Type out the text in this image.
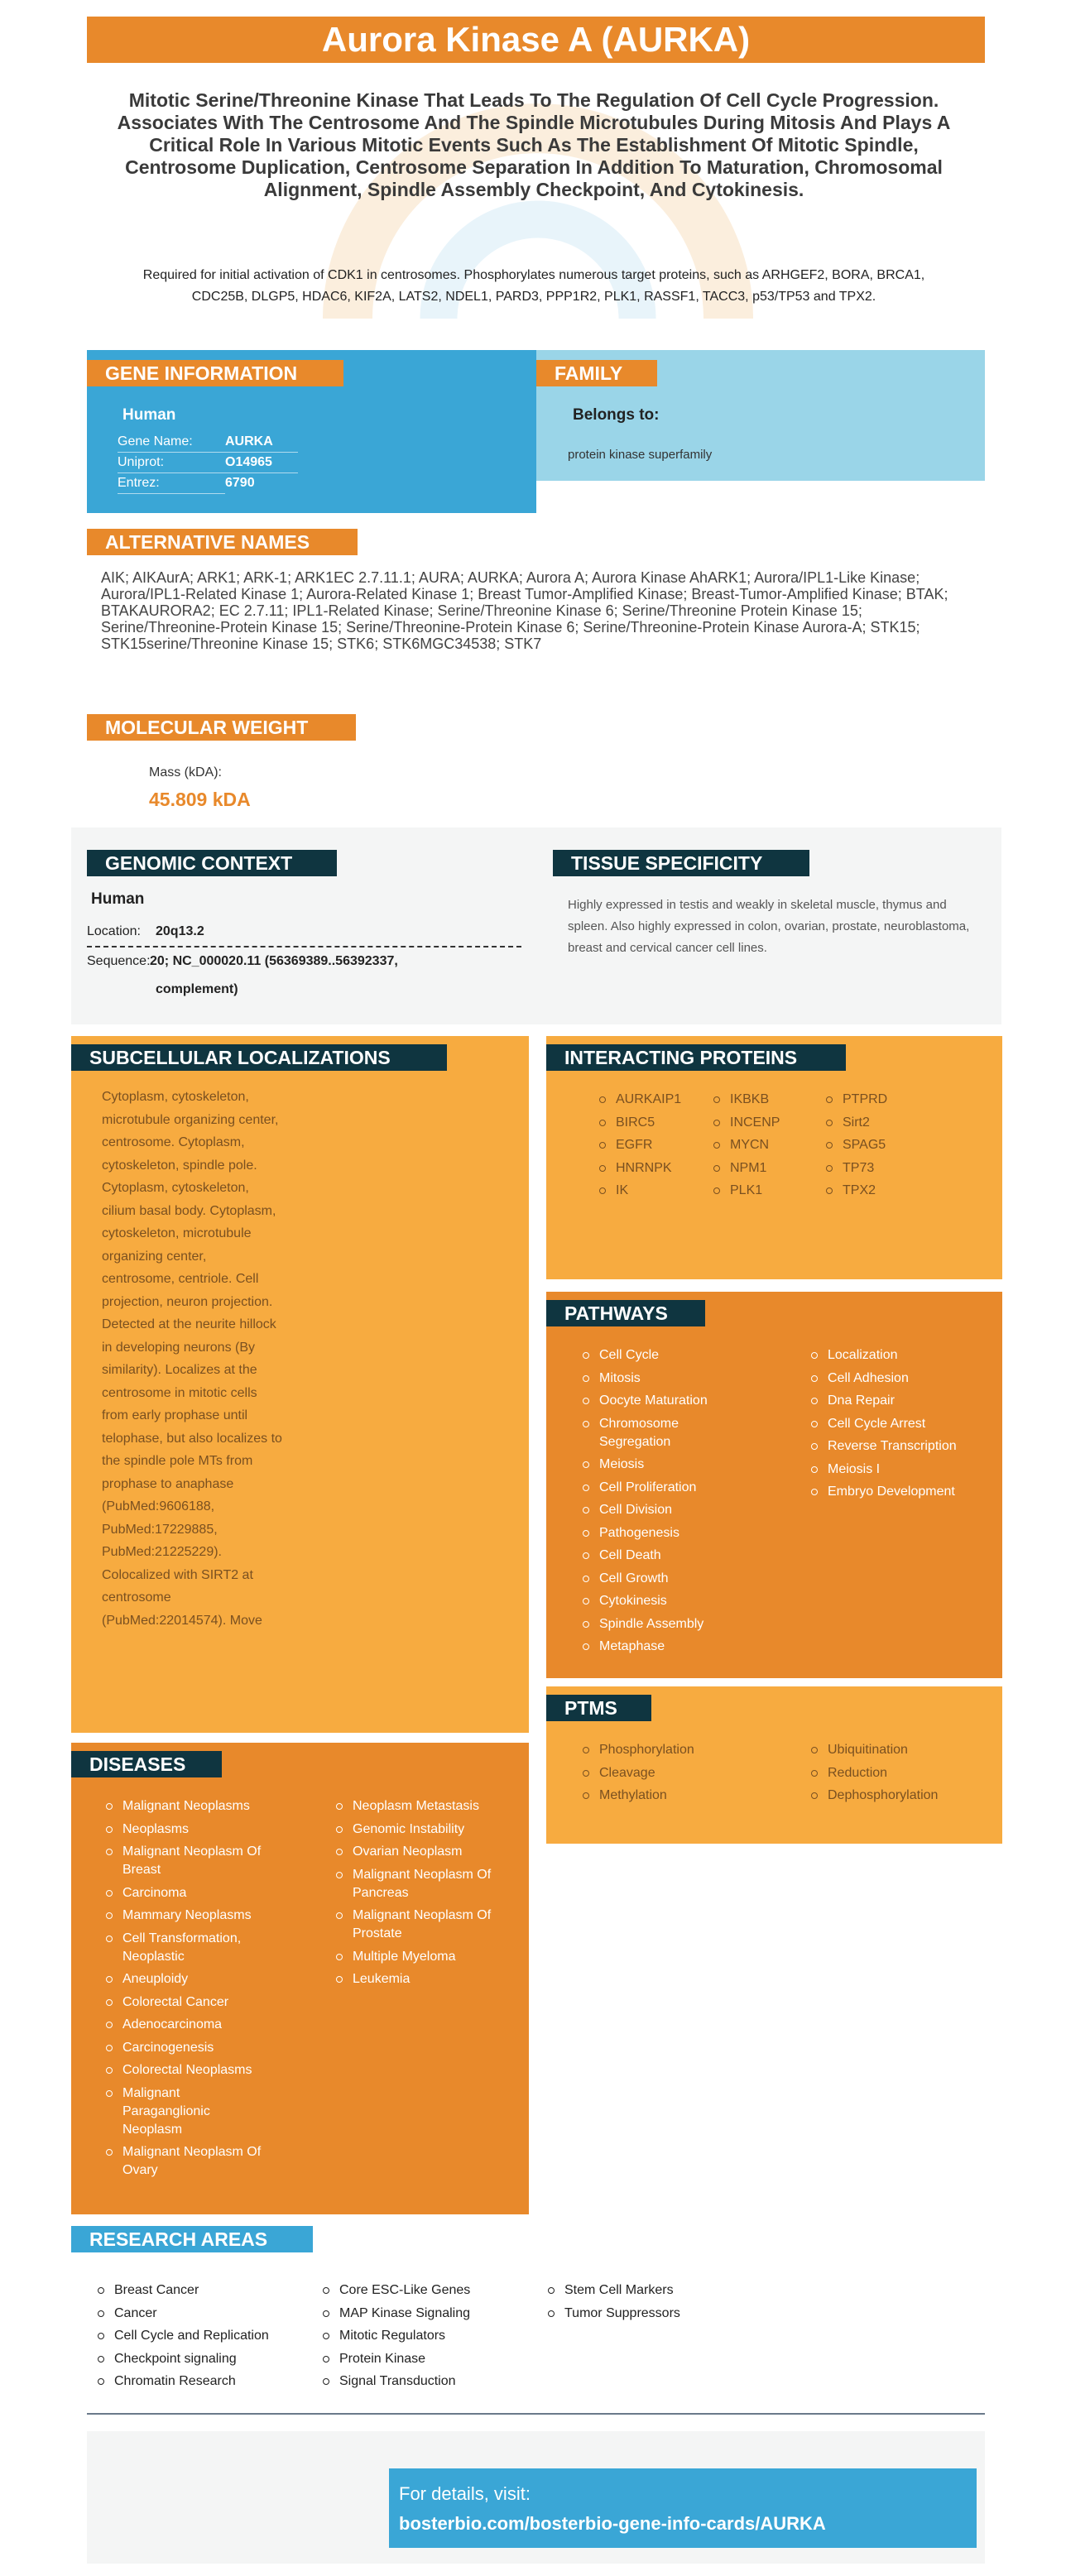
Aurora Kinase A (AURKA)
Mitotic Serine/Threonine Kinase That Leads To The Regulation Of Cell Cycle Progression. Associates With The Centrosome And The Spindle Microtubules During Mitosis And Plays A Critical Role In Various Mitotic Events Such As The Establishment Of Mitotic Spindle, Centrosome Duplication, Centrosome Separation In Addition To Maturation, Chromosomal Alignment, Spindle Assembly Checkpoint, And Cytokinesis.
Required for initial activation of CDK1 in centrosomes. Phosphorylates numerous target proteins, such as ARHGEF2, BORA, BRCA1, CDC25B, DLGP5, HDAC6, KIF2A, LATS2, NDEL1, PARD3, PPP1R2, PLK1, RASSF1, TACC3, p53/TP53 and TPX2.
GENE INFORMATION
Human
Gene Name:	AURKA
Uniprot:	O14965
Entrez:	6790
FAMILY
Belongs to:
protein kinase superfamily
ALTERNATIVE NAMES
AIK; AIKAurA; ARK1; ARK-1; ARK1EC 2.7.11.1; AURA; AURKA; Aurora A; Aurora Kinase AhARK1; Aurora/IPL1-Like Kinase; Aurora/IPL1-Related Kinase 1; Aurora-Related Kinase 1; Breast Tumor-Amplified Kinase; Breast-Tumor-Amplified Kinase; BTAK; BTAKAURORA2; EC 2.7.11; IPL1-Related Kinase; Serine/Threonine Kinase 6; Serine/Threonine Protein Kinase 15; Serine/Threonine-Protein Kinase 15; Serine/Threonine-Protein Kinase 6; Serine/Threonine-Protein Kinase Aurora-A; STK15; STK15serine/Threonine Kinase 15; STK6; STK6MGC34538; STK7
MOLECULAR WEIGHT
Mass (kDA):
45.809 kDA
GENOMIC CONTEXT
Human
Location: 20q13.2
Sequence: 20; NC_000020.11 (56369389..56392337,
complement)
TISSUE SPECIFICITY
Highly expressed in testis and weakly in skeletal muscle, thymus and spleen. Also highly expressed in colon, ovarian, prostate, neuroblastoma, breast and cervical cancer cell lines.
SUBCELLULAR LOCALIZATIONS
Cytoplasm, cytoskeleton, microtubule organizing center, centrosome. Cytoplasm, cytoskeleton, spindle pole. Cytoplasm, cytoskeleton, cilium basal body. Cytoplasm, cytoskeleton, microtubule organizing center, centrosome, centriole. Cell projection, neuron projection. Detected at the neurite hillock in developing neurons (By similarity). Localizes at the centrosome in mitotic cells from early prophase until telophase, but also localizes to the spindle pole MTs from prophase to anaphase (PubMed:9606188, PubMed:17229885, PubMed:21225229). Colocalized with SIRT2 at centrosome (PubMed:22014574). Move
INTERACTING PROTEINS
AURKAIP1
BIRC5
EGFR
HNRNPK
IK
IKBKB
INCENP
MYCN
NPM1
PLK1
PTPRD
Sirt2
SPAG5
TP73
TPX2
PATHWAYS
Cell Cycle
Mitosis
Oocyte Maturation
Chromosome Segregation
Meiosis
Cell Proliferation
Cell Division
Pathogenesis
Cell Death
Cell Growth
Cytokinesis
Spindle Assembly
Metaphase
Localization
Cell Adhesion
Dna Repair
Cell Cycle Arrest
Reverse Transcription
Meiosis I
Embryo Development
PTMS
Phosphorylation
Cleavage
Methylation
Ubiquitination
Reduction
Dephosphorylation
DISEASES
Malignant Neoplasms
Neoplasms
Malignant Neoplasm Of Breast
Carcinoma
Mammary Neoplasms
Cell Transformation, Neoplastic
Aneuploidy
Colorectal Cancer
Adenocarcinoma
Carcinogenesis
Colorectal Neoplasms
Malignant Paraganglionic Neoplasm
Malignant Neoplasm Of Ovary
Neoplasm Metastasis
Genomic Instability
Ovarian Neoplasm
Malignant Neoplasm Of Pancreas
Malignant Neoplasm Of Prostate
Multiple Myeloma
Leukemia
RESEARCH AREAS
Breast Cancer
Cancer
Cell Cycle and Replication
Checkpoint signaling
Chromatin Research
Core ESC-Like Genes
MAP Kinase Signaling
Mitotic Regulators
Protein Kinase
Signal Transduction
Stem Cell Markers
Tumor Suppressors
For details, visit:
bosterbio.com/bosterbio-gene-info-cards/AURKA
